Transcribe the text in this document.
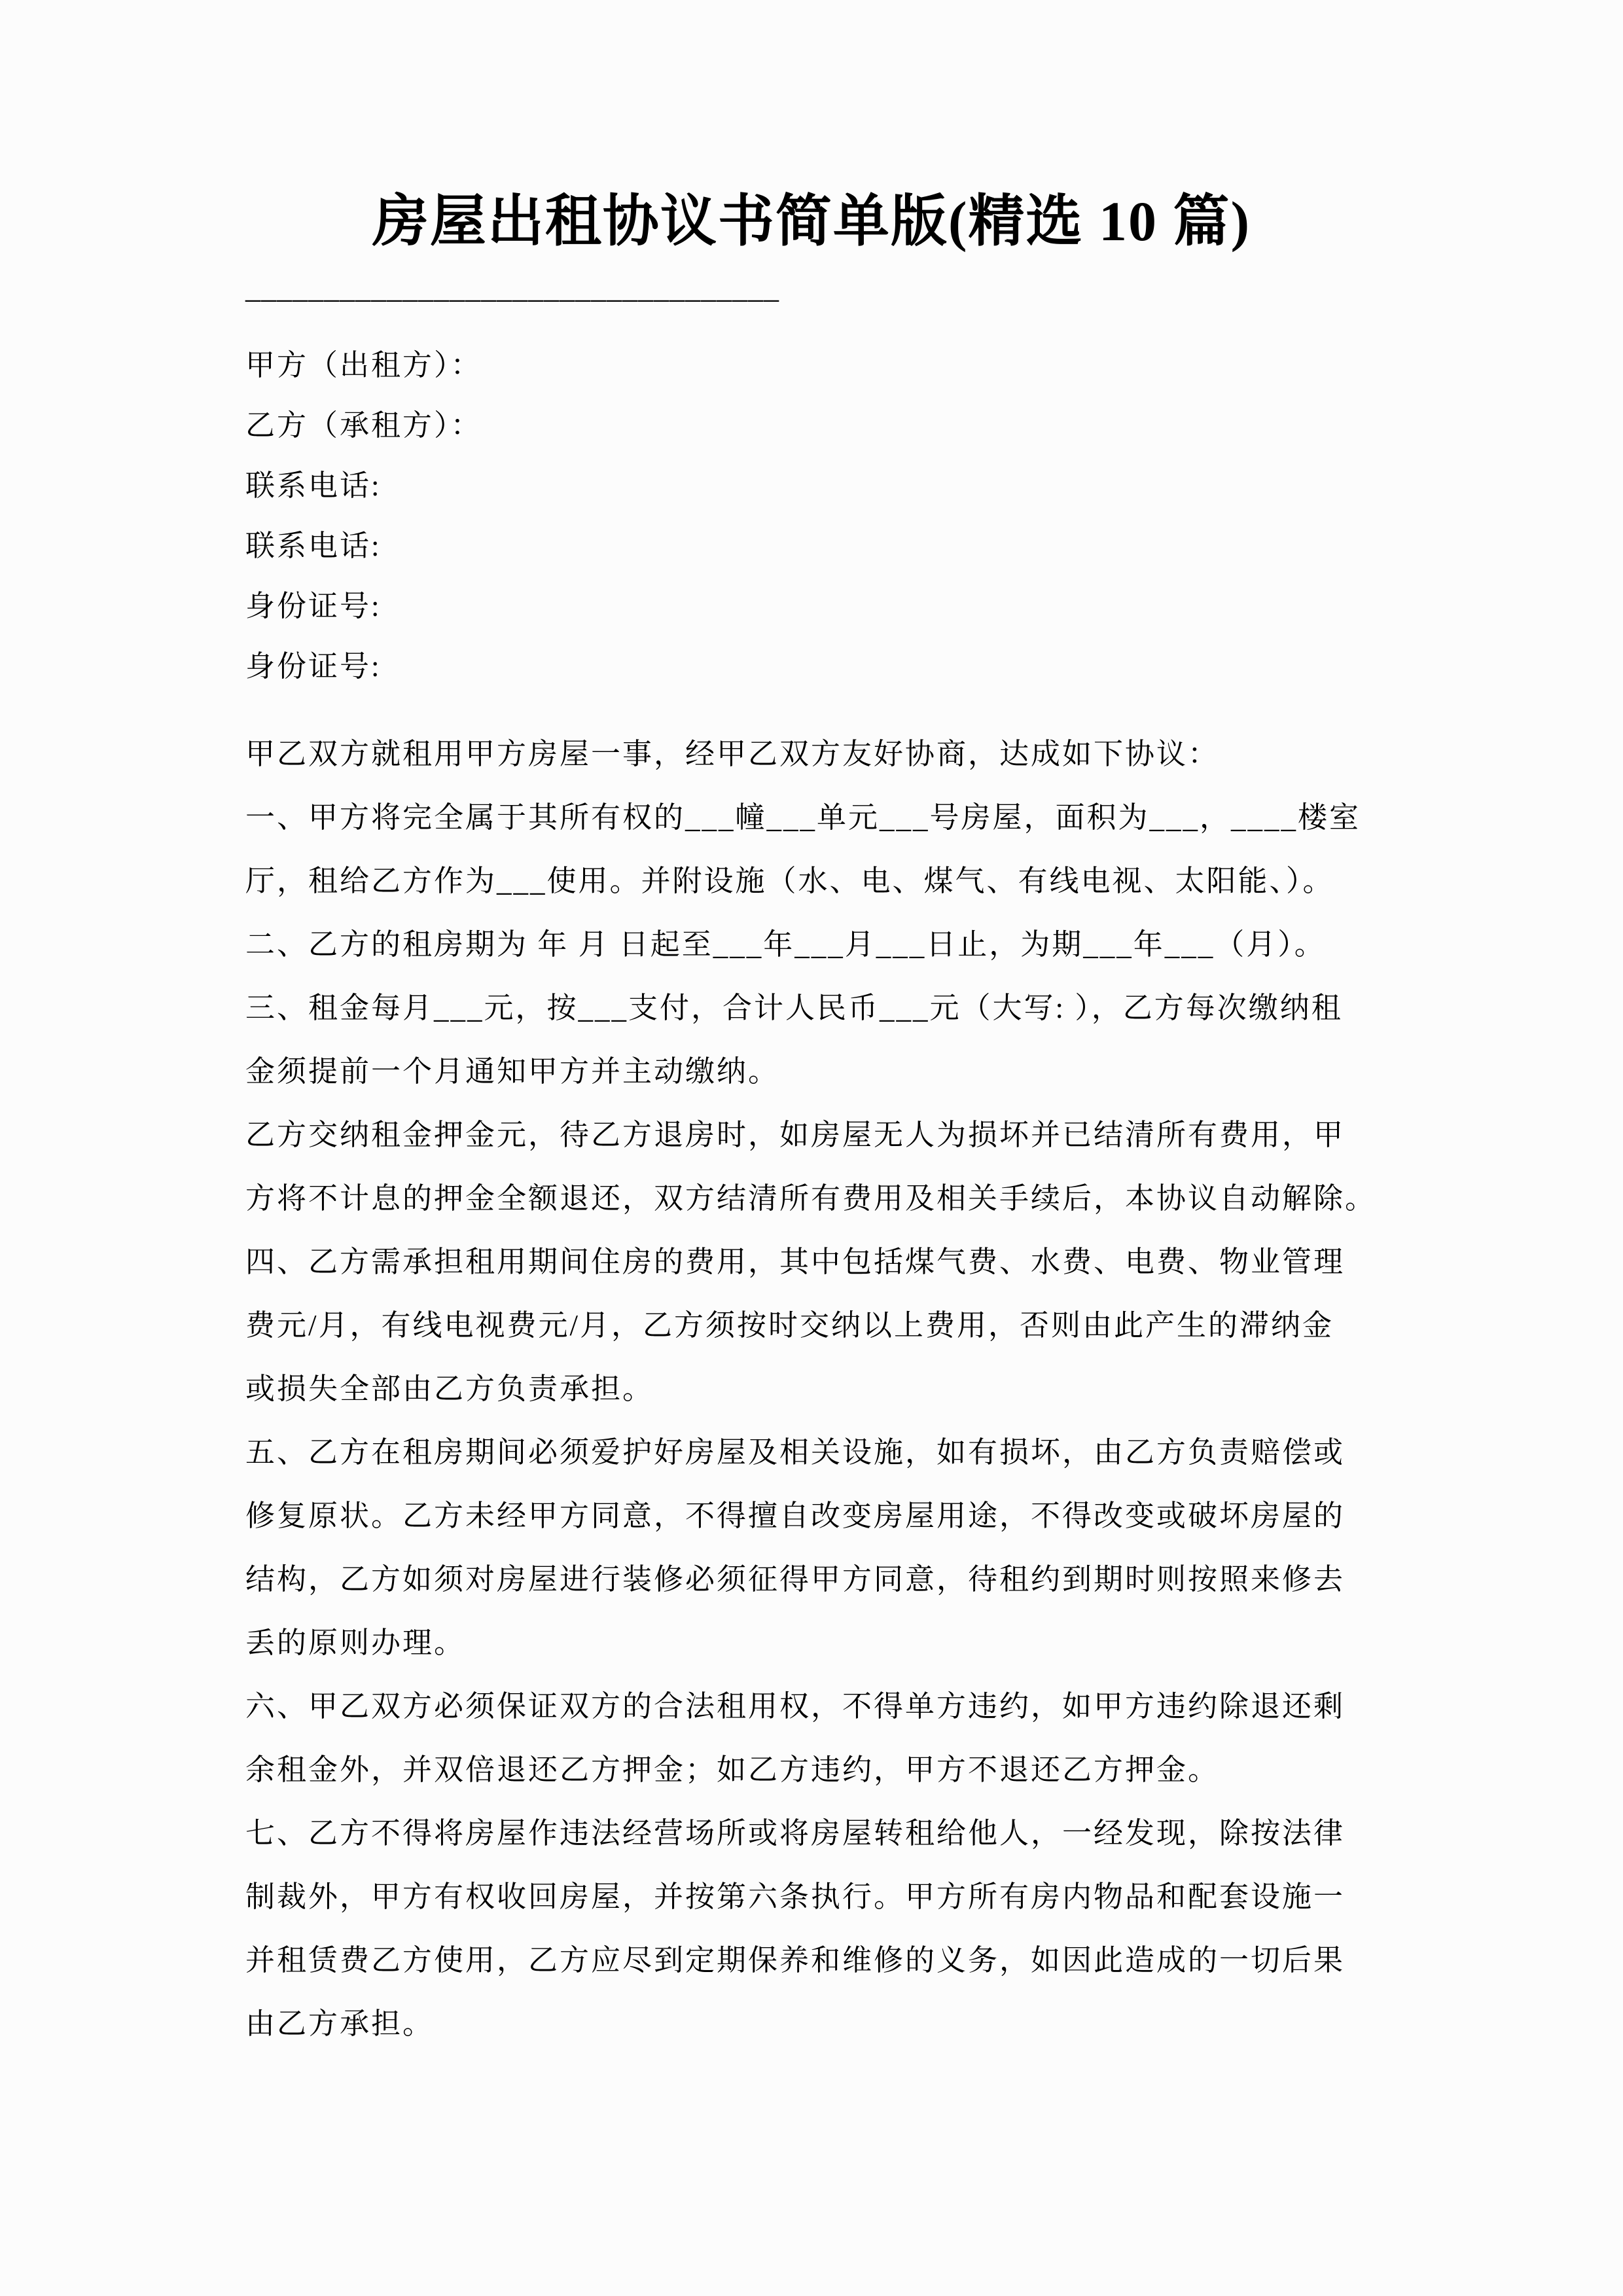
房屋出租协议书简单版(精选 10 篇)
__________________________________
甲方（出租方）：
乙方（承租方）：
联系电话:
联系电话:
身份证号:
身份证号:
甲乙双方就租用甲方房屋一事，经甲乙双方友好协商，达成如下协议：
一、甲方将完全属于其所有权的___幢___单元___号房屋，面积为___，____楼室
厅，租给乙方作为___使用。并附设施（水、电、煤气、有线电视、太阳能、）。
二、乙方的租房期为 年 月 日起至___年___月___日止，为期___年___（月）。
三、租金每月___元，按___支付，合计人民币___元（大写: ），乙方每次缴纳租
金须提前一个月通知甲方并主动缴纳。
乙方交纳租金押金元，待乙方退房时，如房屋无人为损坏并已结清所有费用，甲
方将不计息的押金全额退还，双方结清所有费用及相关手续后，本协议自动解除。
四、乙方需承担租用期间住房的费用，其中包括煤气费、水费、电费、物业管理
费元/月，有线电视费元/月，乙方须按时交纳以上费用，否则由此产生的滞纳金
或损失全部由乙方负责承担。
五、乙方在租房期间必须爱护好房屋及相关设施，如有损坏，由乙方负责赔偿或
修复原状。乙方未经甲方同意，不得擅自改变房屋用途，不得改变或破坏房屋的
结构，乙方如须对房屋进行装修必须征得甲方同意，待租约到期时则按照来修去
丢的原则办理。
六、甲乙双方必须保证双方的合法租用权，不得单方违约，如甲方违约除退还剩
余租金外，并双倍退还乙方押金；如乙方违约，甲方不退还乙方押金。
七、乙方不得将房屋作违法经营场所或将房屋转租给他人，一经发现，除按法律
制裁外，甲方有权收回房屋，并按第六条执行。甲方所有房内物品和配套设施一
并租赁费乙方使用，乙方应尽到定期保养和维修的义务，如因此造成的一切后果
由乙方承担。
